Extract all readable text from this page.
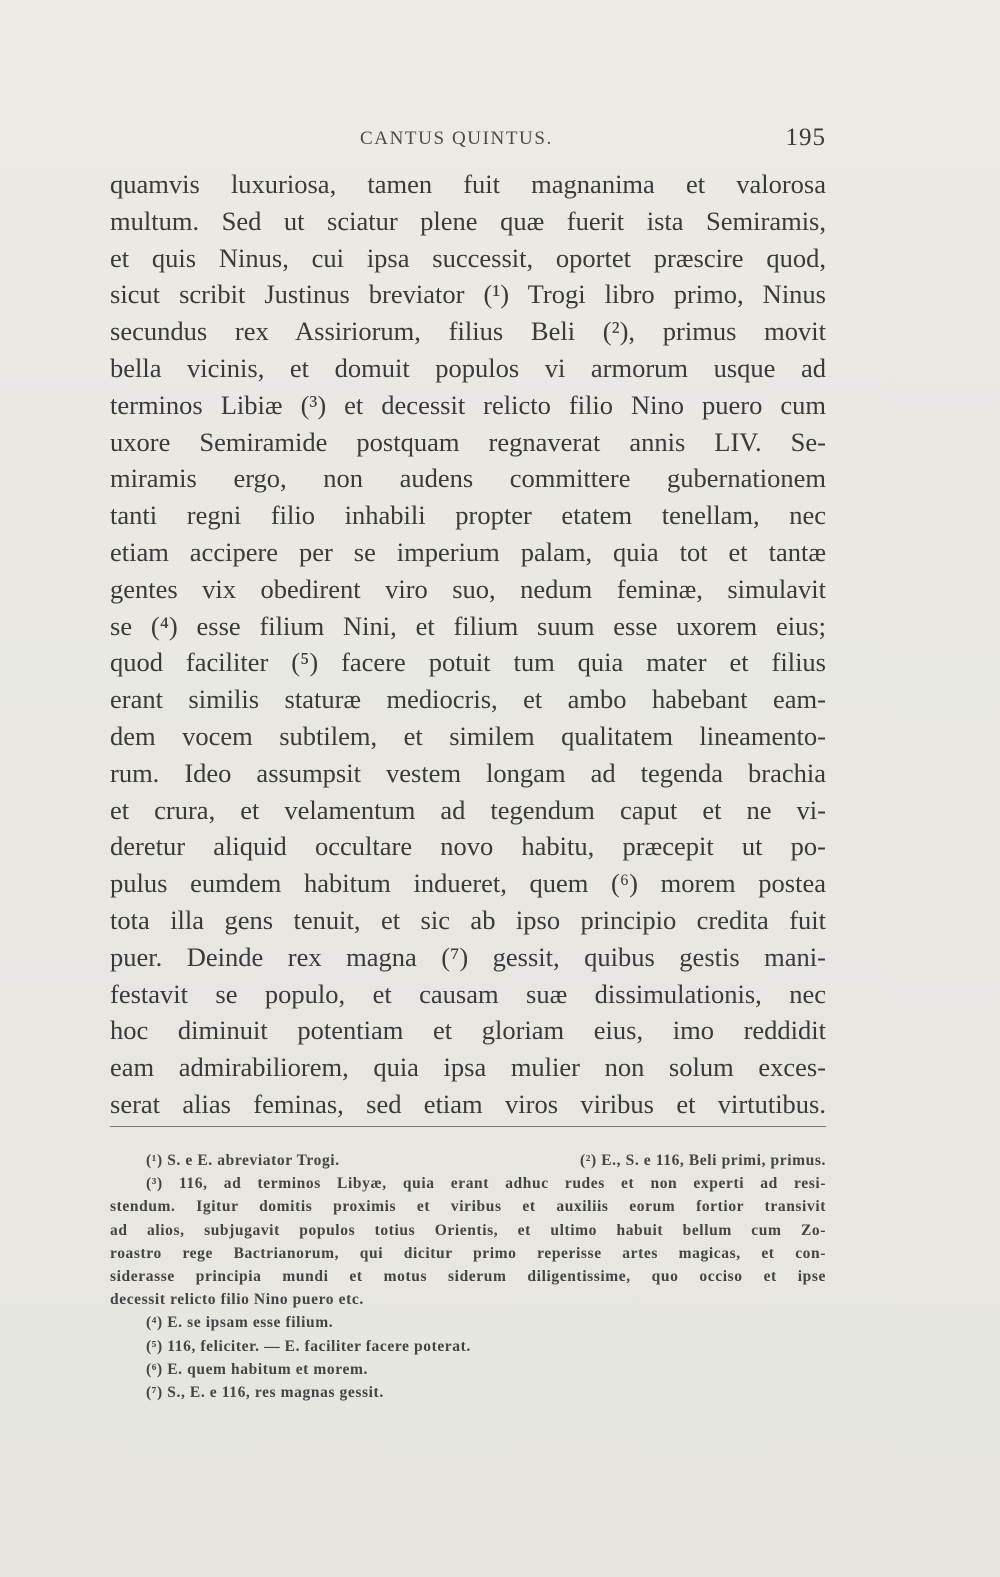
CANTUS QUINTUS.	195
quamvis luxuriosa, tamen fuit magnanima et valorosa
multum. Sed ut sciatur plene quæ fuerit ista Semiramis,
et quis Ninus, cui ipsa successit, oportet præscire quod,
sicut scribit Justinus breviator (¹) Trogi libro primo, Ninus
secundus rex Assiriorum, filius Beli (²), primus movit
bella vicinis, et domuit populos vi armorum usque ad
terminos Libiæ (³) et decessit relicto filio Nino puero cum
uxore Semiramide postquam regnaverat annis LIV. Se-
miramis ergo, non audens committere gubernationem
tanti regni filio inhabili propter etatem tenellam, nec
etiam accipere per se imperium palam, quia tot et tantæ
gentes vix obedirent viro suo, nedum feminæ, simulavit
se (⁴) esse filium Nini, et filium suum esse uxorem eius;
quod faciliter (⁵) facere potuit tum quia mater et filius
erant similis staturæ mediocris, et ambo habebant eam-
dem vocem subtilem, et similem qualitatem lineamento-
rum. Ideo assumpsit vestem longam ad tegenda brachia
et crura, et velamentum ad tegendum caput et ne vi-
deretur aliquid occultare novo habitu, præcepit ut po-
pulus eumdem habitum indueret, quem (⁶) morem postea
tota illa gens tenuit, et sic ab ipso principio credita fuit
puer. Deinde rex magna (⁷) gessit, quibus gestis mani-
festavit se populo, et causam suæ dissimulationis, nec
hoc diminuit potentiam et gloriam eius, imo reddidit
eam admirabiliorem, quia ipsa mulier non solum exces-
serat alias feminas, sed etiam viros viribus et virtutibus.
(¹) S. e E. abreviator Trogi.	(²) E., S. e 116, Beli primi, primus.
(³) 116, ad terminos Libyæ, quia erant adhuc rudes et non experti ad resi-
stendum. Igitur domitis proximis et viribus et auxiliis eorum fortior transivit
ad alios, subjugavit populos totius Orientis, et ultimo habuit bellum cum Zo-
roastro rege Bactrianorum, qui dicitur primo reperisse artes magicas, et con-
siderasse principia mundi et motus siderum diligentissime, quo occiso et ipse
decessit relicto filio Nino puero etc.
(⁴) E. se ipsam esse filium.
(⁵) 116, feliciter. — E. faciliter facere poterat.
(⁶) E. quem habitum et morem.
(⁷) S., E. e 116, res magnas gessit.
